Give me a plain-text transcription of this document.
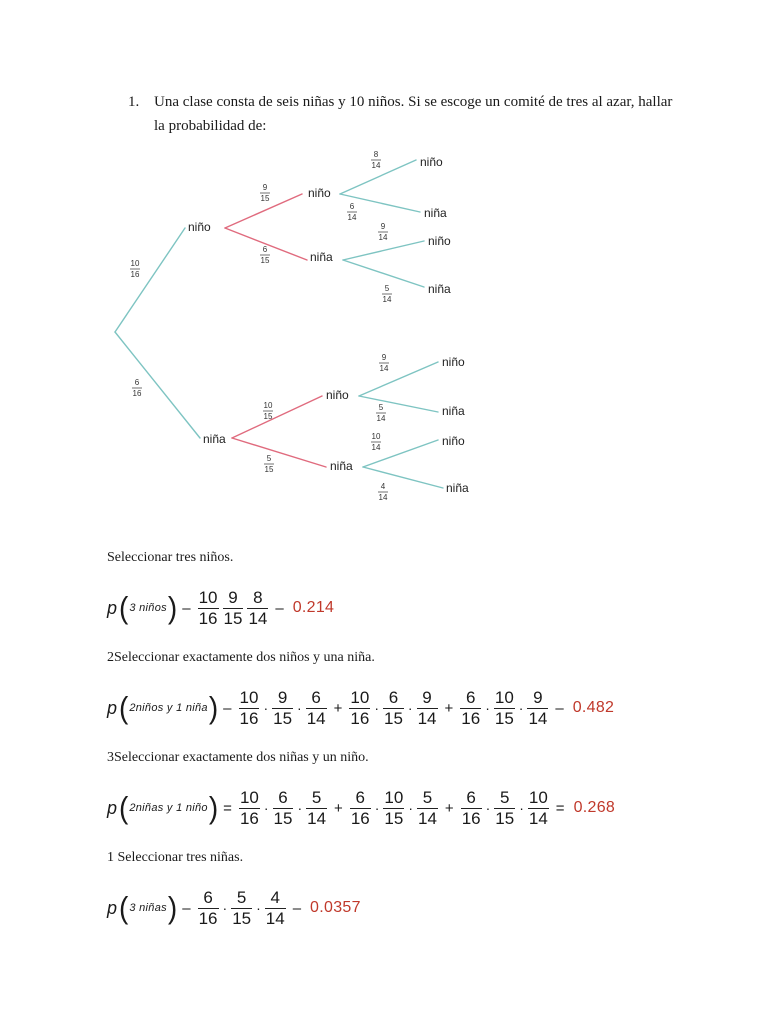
1. Una clase consta de seis niñas y 10 niños. Si se escoge un comité de tres al azar, hallar la probabilidad de:
10
16
6
16
niño
niña
9
15
6
15
niño
niña
10
15
5
15
niño
niña
8
14
6
14
niño
niña
9
14
5
14
niño
niña
9
14
5
14
niño
niña
10
14
4
14
niño
niña
Seleccionar tres niños.
p ( 3 niños ) –
10
16
9
15
8
14
– 0.214
2Seleccionar exactamente dos niños y una niña.
p ( 2niños y 1 niña ) –
10
16
·
9
15
·
6
14
+
10
16
·
6
15
·
9
14
+
6
16
·
10
15
·
9
14
– 0.482
3Seleccionar exactamente dos niñas y un niño.
p ( 2niñas y 1 niño ) =
10
16
·
6
15
·
5
14
+
6
16
·
10
15
·
5
14
+
6
16
·
5
15
·
10
14
= 0.268
1 Seleccionar tres niñas.
p ( 3 niñas ) –
6
16
·
5
15
·
4
14
– 0.0357
